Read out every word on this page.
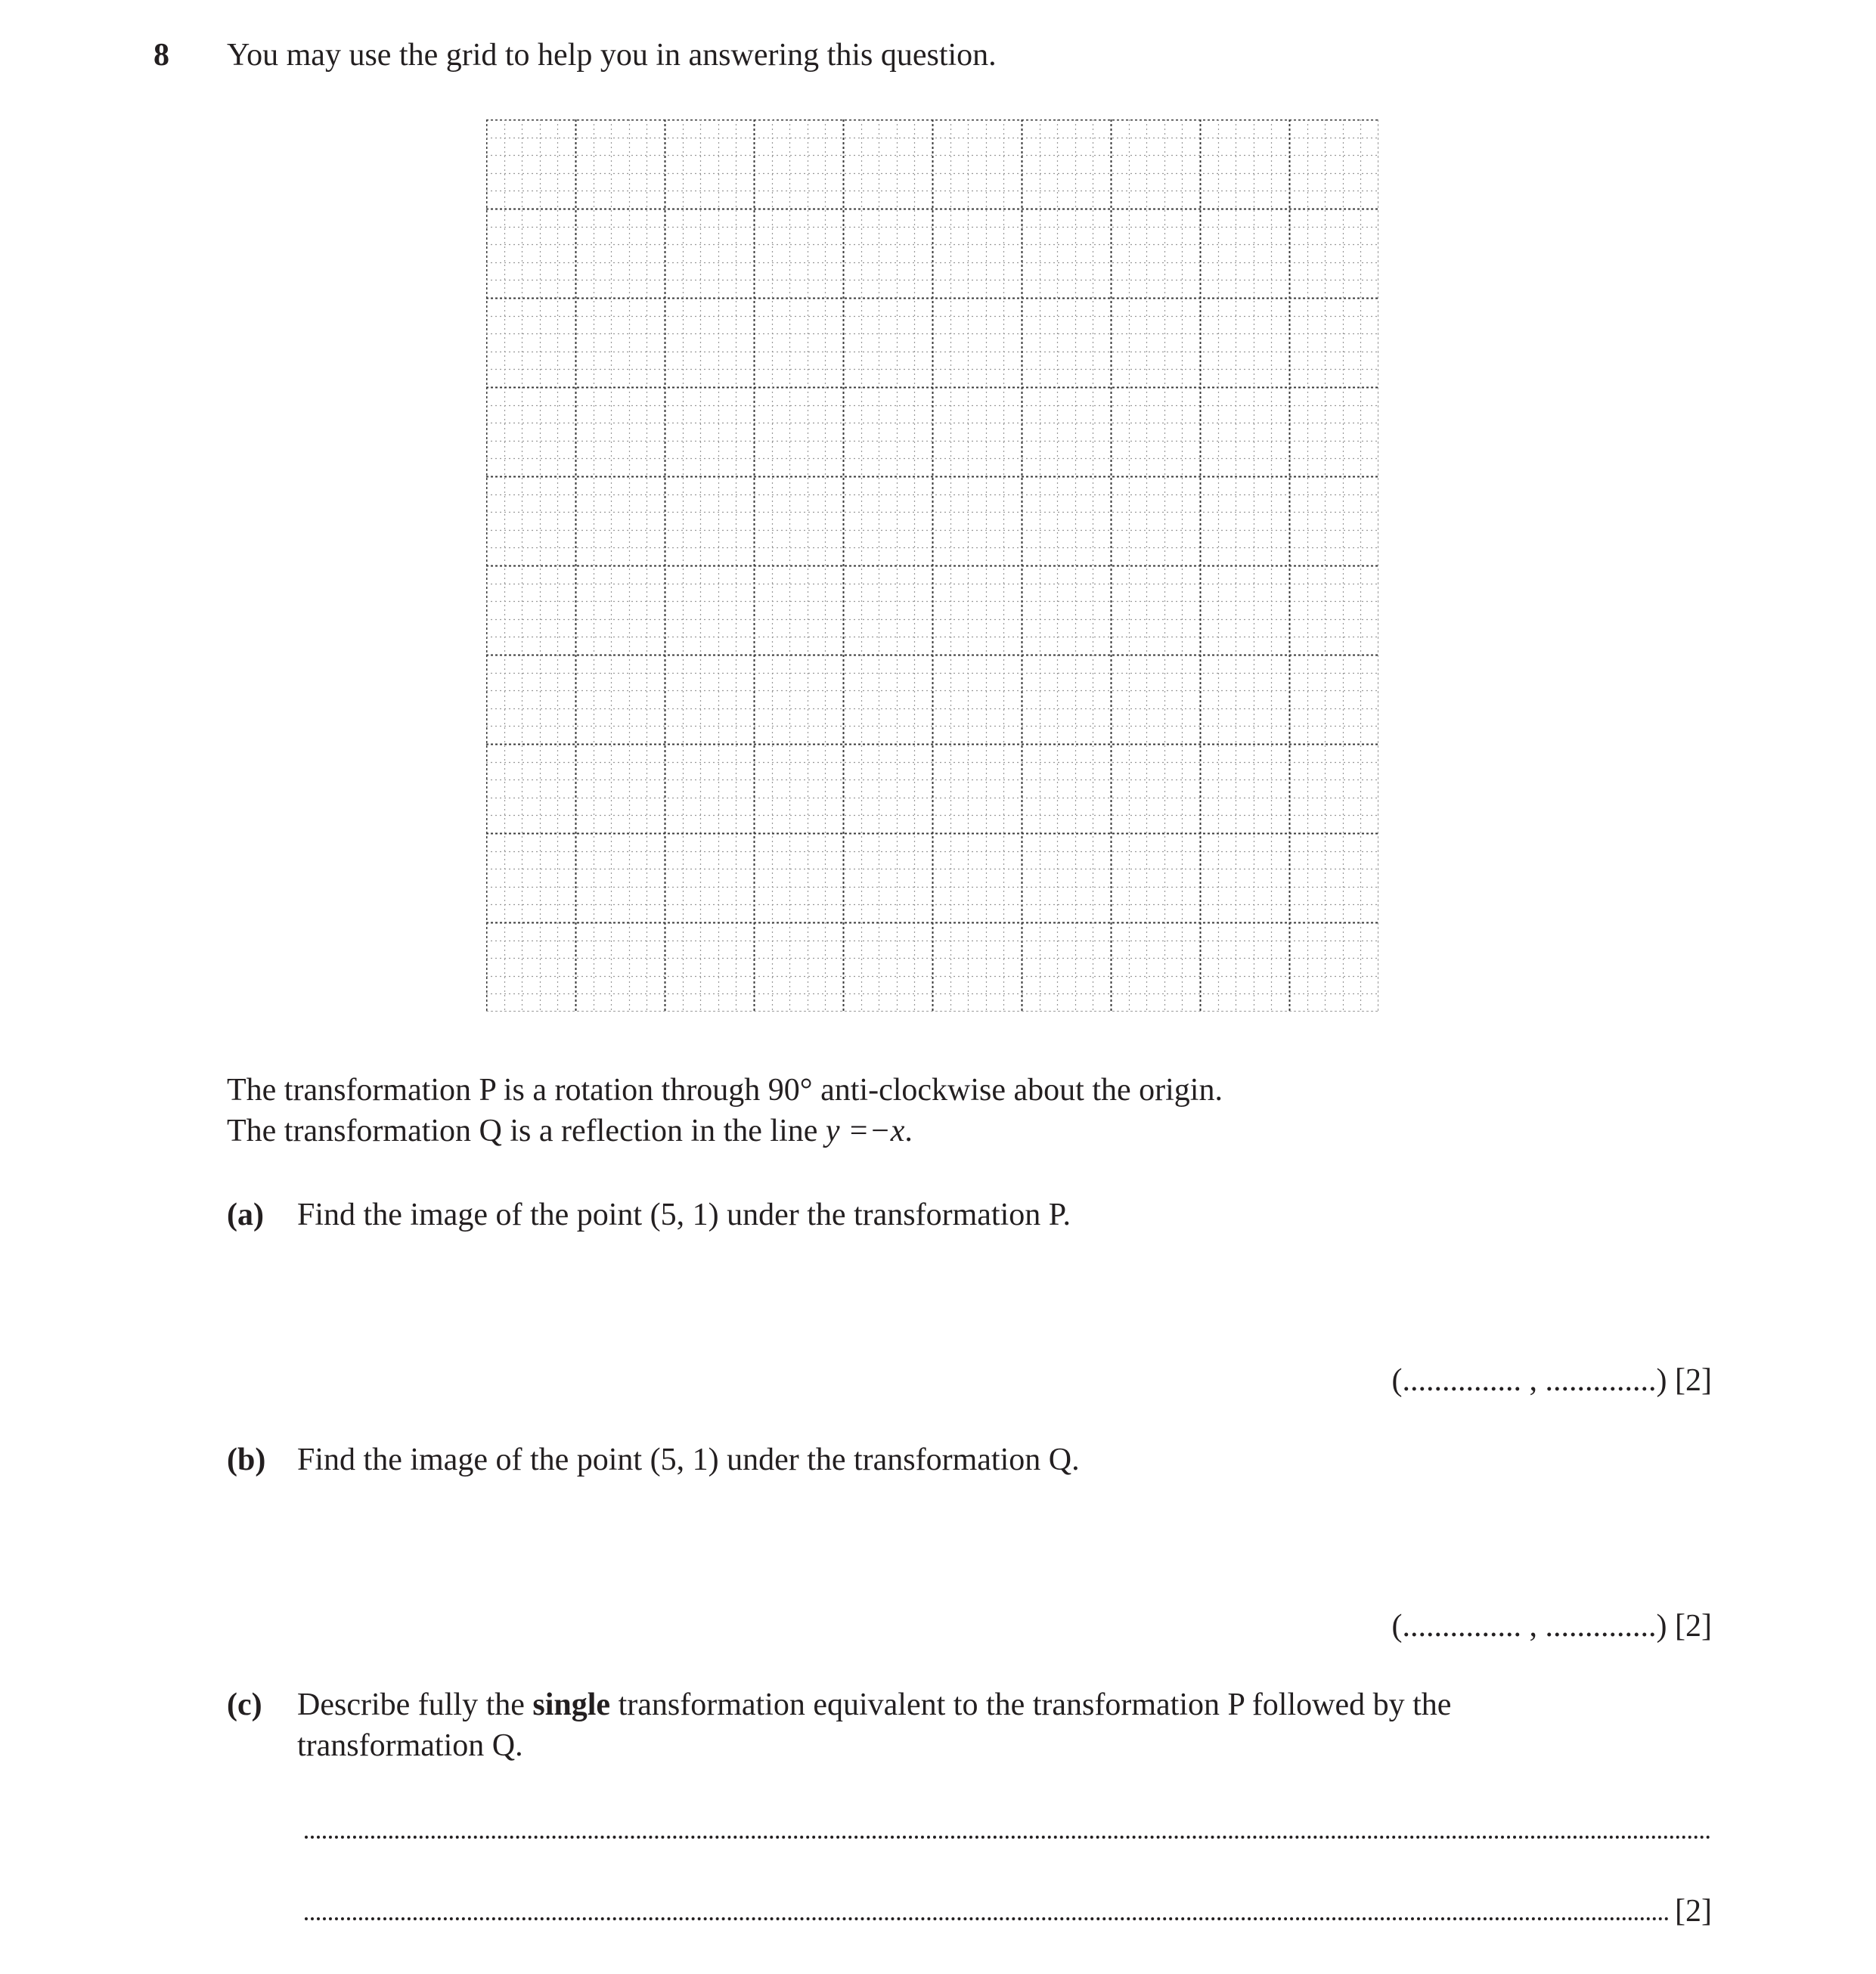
8 You may use the grid to help you in answering this question.
The transformation P is a rotation through 90° anti-clockwise about the origin.
The transformation Q is a reflection in the line y =−x.
(a) Find the image of the point (5, 1) under the transformation P.
(............... , ..............) [2]
(b) Find the image of the point (5, 1) under the transformation Q.
(............... , ..............) [2]
(c) Describe fully the single transformation equivalent to the transformation P followed by the
transformation Q.
[2]
